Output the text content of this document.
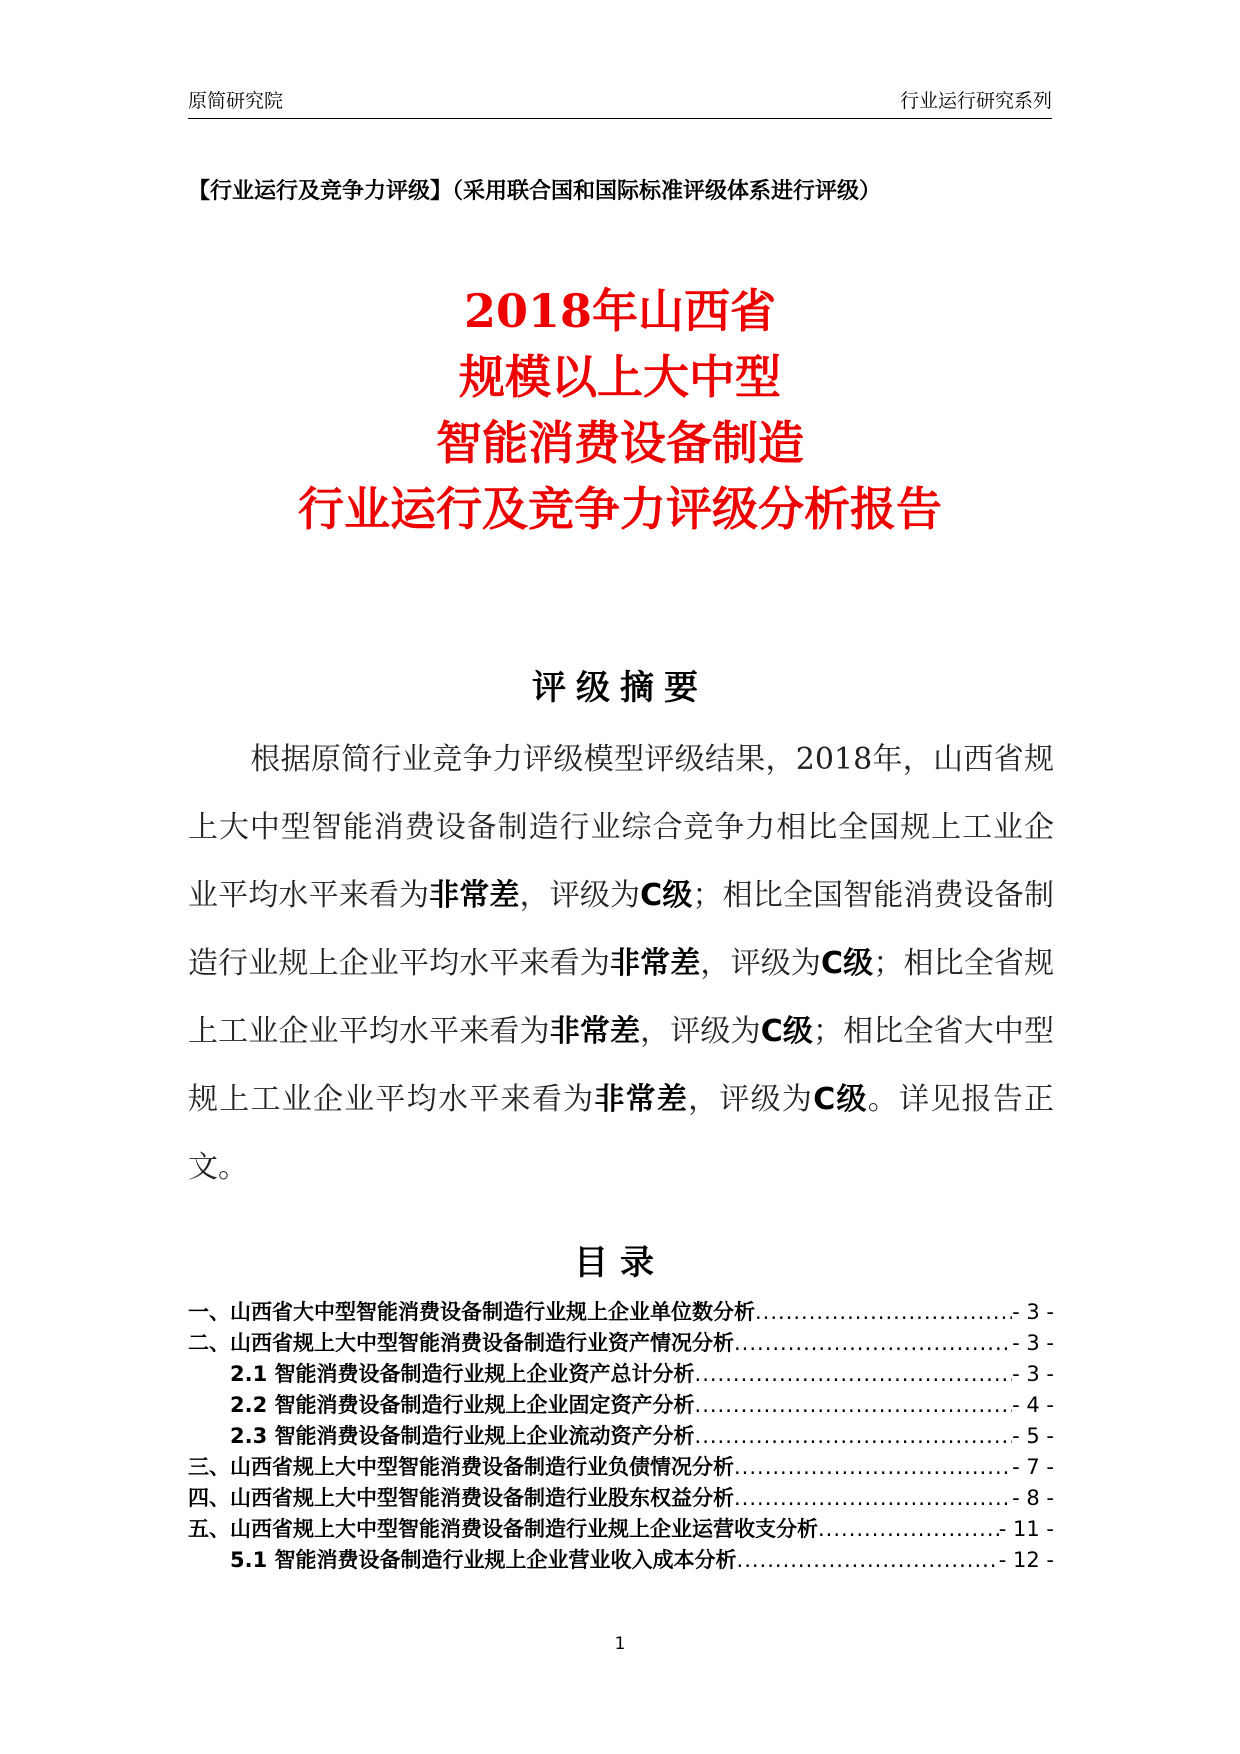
原简研究院	行业运行研究系列
【行业运行及竞争力评级】（采用联合国和国际标准评级体系进行评级）
2018年山西省
规模以上大中型
智能消费设备制造
行业运行及竞争力评级分析报告
评级摘要
根据原简行业竞争力评级模型评级结果，2018年，山西省规上大中型智能消费设备制造行业综合竞争力相比全国规上工业企业平均水平来看为非常差，评级为C级；相比全国智能消费设备制造行业规上企业平均水平来看为非常差，评级为C级；相比全省规上工业企业平均水平来看为非常差，评级为C级；相比全省大中型规上工业企业平均水平来看为非常差，评级为C级。详见报告正文。
目录
一、山西省大中型智能消费设备制造行业规上企业单位数分析 .....	- 3 -
二、山西省规上大中型智能消费设备制造行业资产情况分析 .....	- 3 -
2.1 智能消费设备制造行业规上企业资产总计分析 .....	- 3 -
2.2 智能消费设备制造行业规上企业固定资产分析 .....	- 4 -
2.3 智能消费设备制造行业规上企业流动资产分析 .....	- 5 -
三、山西省规上大中型智能消费设备制造行业负债情况分析 .....	- 7 -
四、山西省规上大中型智能消费设备制造行业股东权益分析 .....	- 8 -
五、山西省规上大中型智能消费设备制造行业规上企业运营收支分析 .....	- 11 -
5.1 智能消费设备制造行业规上企业营业收入成本分析 .....	- 12 -
1
